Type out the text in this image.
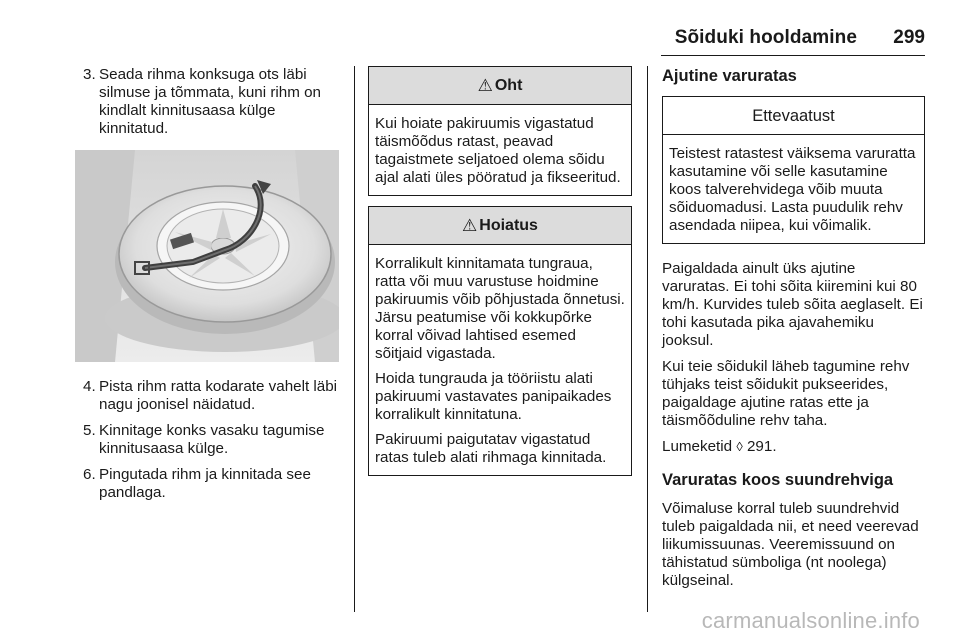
Sõiduki hooldamine 299
3. Seada rihma konksuga ots läbi silmuse ja tõmmata, kuni rihm on kindlalt kinnitusaasa külge kinnitatud.
4. Pista rihm ratta kodarate vahelt läbi nagu joonisel näidatud.
5. Kinnitage konks vasaku tagumise kinnitusaasa külge.
6. Pingutada rihm ja kinnitada see pandlaga.
⚠ Oht

Kui hoiate pakiruumis vigastatud täismõõdus ratast, peavad tagaistmete seljatoed olema sõidu ajal alati üles pööratud ja fikseeritud.

⚠ Hoiatus

Korralikult kinnitamata tungraua, ratta või muu varustuse hoidmine pakiruumis võib põhjustada õnnetusi. Järsu peatumise või kokkupõrke korral võivad lahtised esemed sõitjaid vigastada.

Hoida tungrauda ja tööriistu alati pakiruumi vastavates panipaikades korralikult kinnitatuna.

Pakiruumi paigutatav vigastatud ratas tuleb alati rihmaga kinnitada.

Ajutine varuratas
Ettevaatust

Teistest ratastest väiksema varuratta kasutamine või selle kasutamine koos talverehvidega võib muuta sõiduomadusi. Lasta puudulik rehv asendada niipea, kui võimalik.

Paigaldada ainult üks ajutine varuratas. Ei tohi sõita kiiremini kui 80 km/h. Kurvides tuleb sõita aeglaselt. Ei tohi kasutada pika ajavahemiku jooksul.

Kui teie sõidukil läheb tagumine rehv tühjaks teist sõidukit pukseerides, paigaldage ajutine ratas ette ja täismõõduline rehv taha.

Lumeketid ◊ 291.

Varuratas koos suundrehviga

Võimaluse korral tuleb suundrehvid tuleb paigaldada nii, et need veerevad liikumissuunas. Veeremissuund on tähistatud sümboliga (nt noolega) külgseinal.

carmanualsonline.info
